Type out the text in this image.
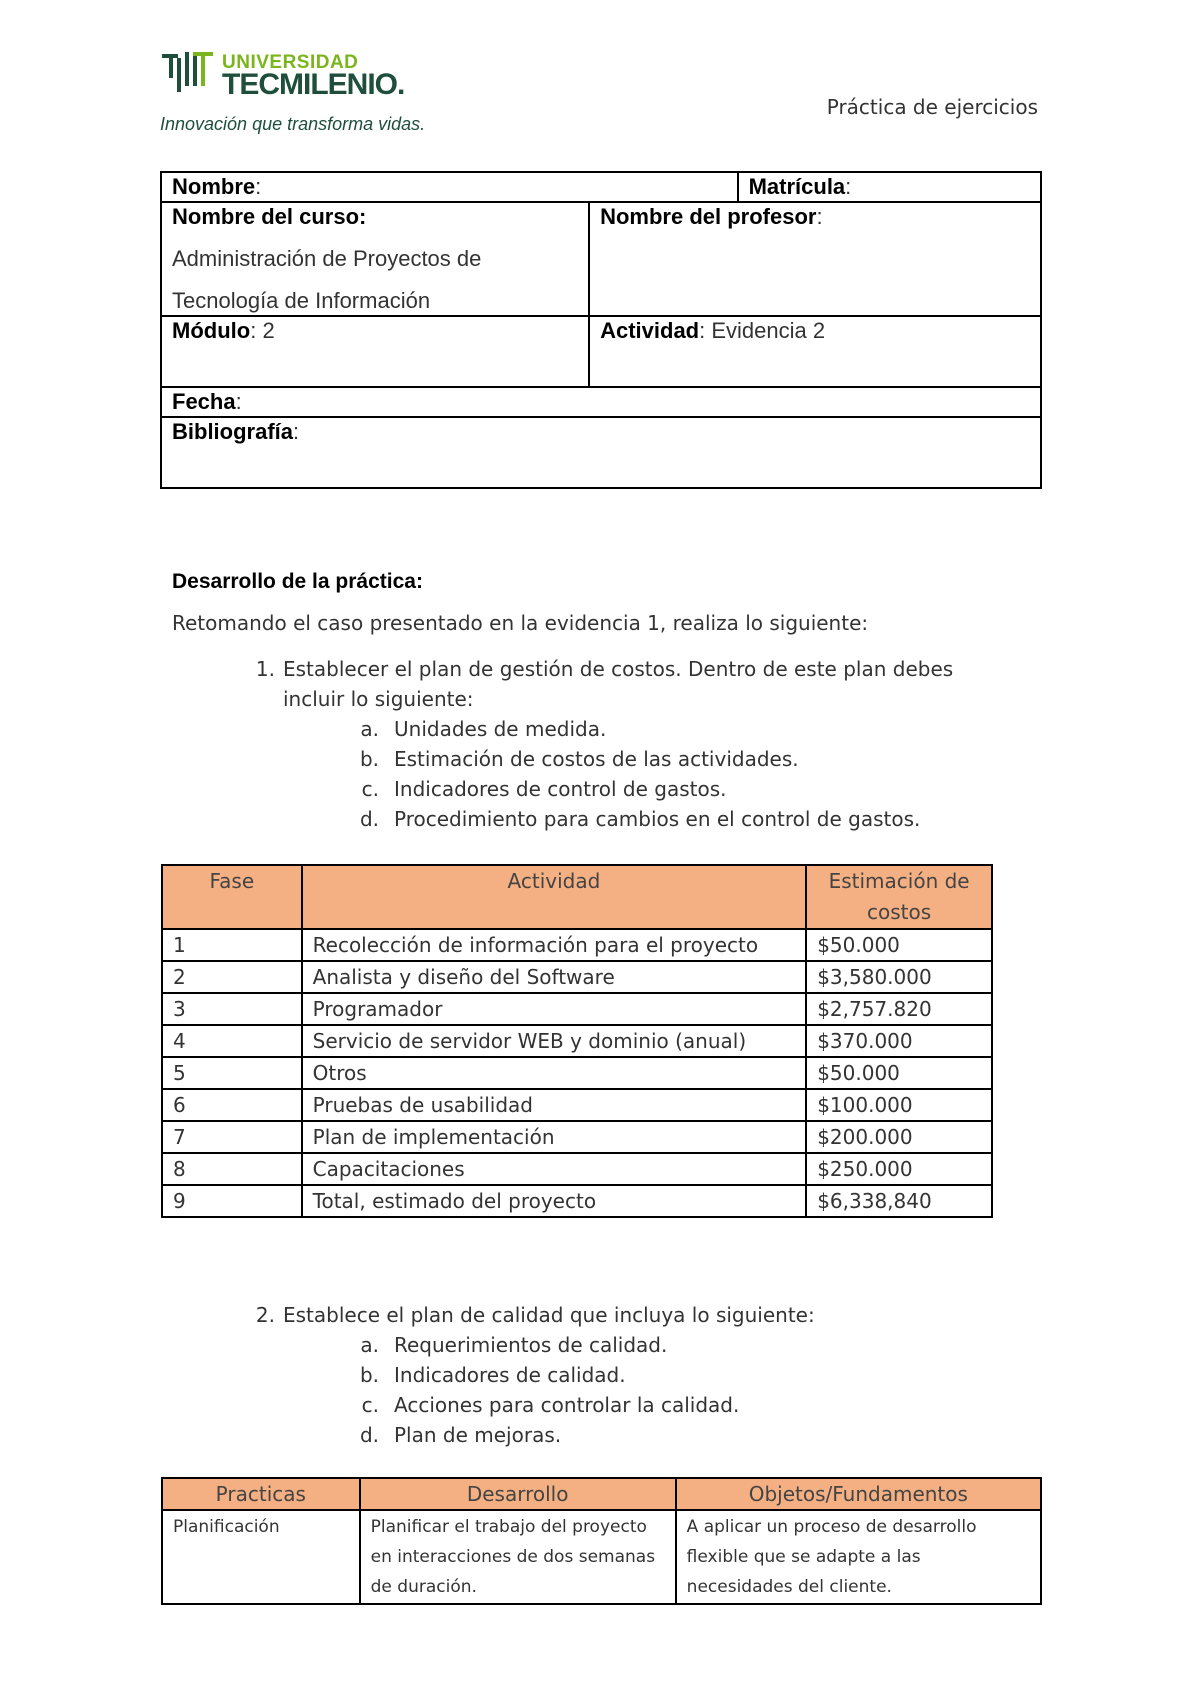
UNIVERSIDAD
TECMILENIO.
Innovación que transforma vidas.
Práctica de ejercicios
Nombre:		Matrícula:

Nombre del curso:
Administración de Proyectos de
Tecnología de Información	Nombre del profesor:	
Módulo: 2	Actividad: Evidencia 2	
Fecha:		
Bibliografía:		
Desarrollo de la práctica:
Retomando el caso presentado en la evidencia 1, realiza lo siguiente:
1. Establecer el plan de gestión de costos. Dentro de este plan debes
incluir lo siguiente:
a. Unidades de medida.
b. Estimación de costos de las actividades.
c. Indicadores de control de gastos.
d. Procedimiento para cambios en el control de gastos.
Fase	Actividad	Estimación de costos
1	Recolección de información para el proyecto	$50.000
2	Analista y diseño del Software	$3,580.000
3	Programador	$2,757.820
4	Servicio de servidor WEB y dominio (anual)	$370.000
5	Otros	$50.000
6	Pruebas de usabilidad	$100.000
7	Plan de implementación	$200.000
8	Capacitaciones	$250.000
9	Total, estimado del proyecto	$6,338,840
2. Establece el plan de calidad que incluya lo siguiente:
a. Requerimientos de calidad.
b. Indicadores de calidad.
c. Acciones para controlar la calidad.
d. Plan de mejoras.
Practicas	Desarrollo	Objetos/Fundamentos
Planificación	Planificar el trabajo del proyecto en interacciones de dos semanas de duración.	A aplicar un proceso de desarrollo flexible que se adapte a las necesidades del cliente.
